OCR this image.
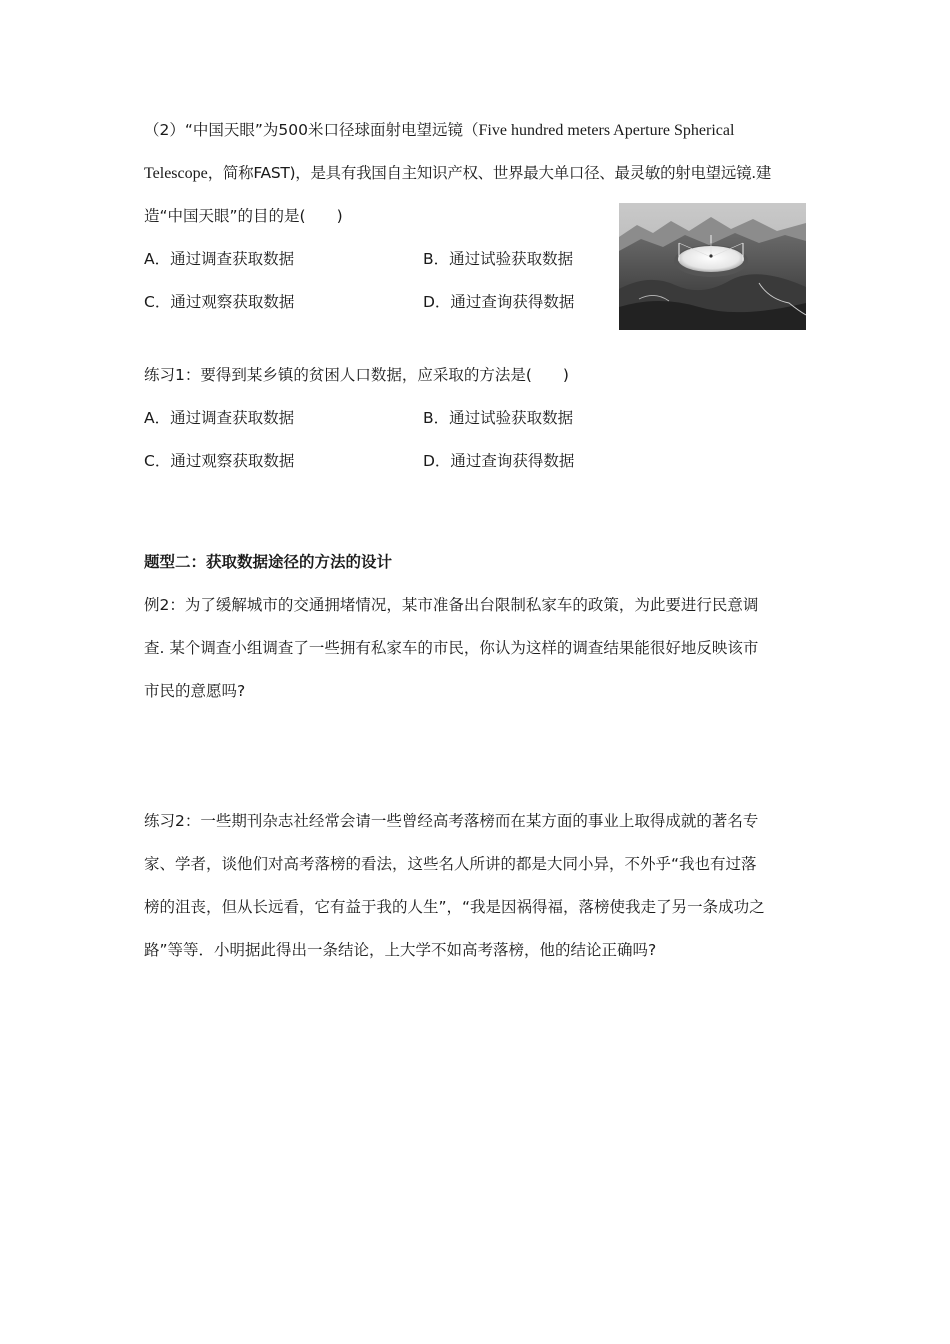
（2）“中国天眼”为500米口径球面射电望远镜（Five hundred meters Aperture Spherical
Telescope，简称FAST)，是具有我国自主知识产权、世界最大单口径、最灵敏的射电望远镜.建
造“中国天眼”的目的是(　　)
A．通过调查获取数据	B．通过试验获取数据
C．通过观察获取数据	D．通过查询获得数据
练习1：要得到某乡镇的贫困人口数据，应采取的方法是(　　)
A．通过调查获取数据	B．通过试验获取数据
C．通过观察获取数据	D．通过查询获得数据
题型二：获取数据途径的方法的设计
例2：为了缓解城市的交通拥堵情况，某市准备出台限制私家车的政策，为此要进行民意调
查. 某个调查小组调查了一些拥有私家车的市民，你认为这样的调查结果能很好地反映该市
市民的意愿吗?
练习2：一些期刊杂志社经常会请一些曾经高考落榜而在某方面的事业上取得成就的著名专
家、学者，谈他们对高考落榜的看法，这些名人所讲的都是大同小异，不外乎“我也有过落
榜的沮丧，但从长远看，它有益于我的人生”，“我是因祸得福，落榜使我走了另一条成功之
路”等等．小明据此得出一条结论，上大学不如高考落榜，他的结论正确吗?
